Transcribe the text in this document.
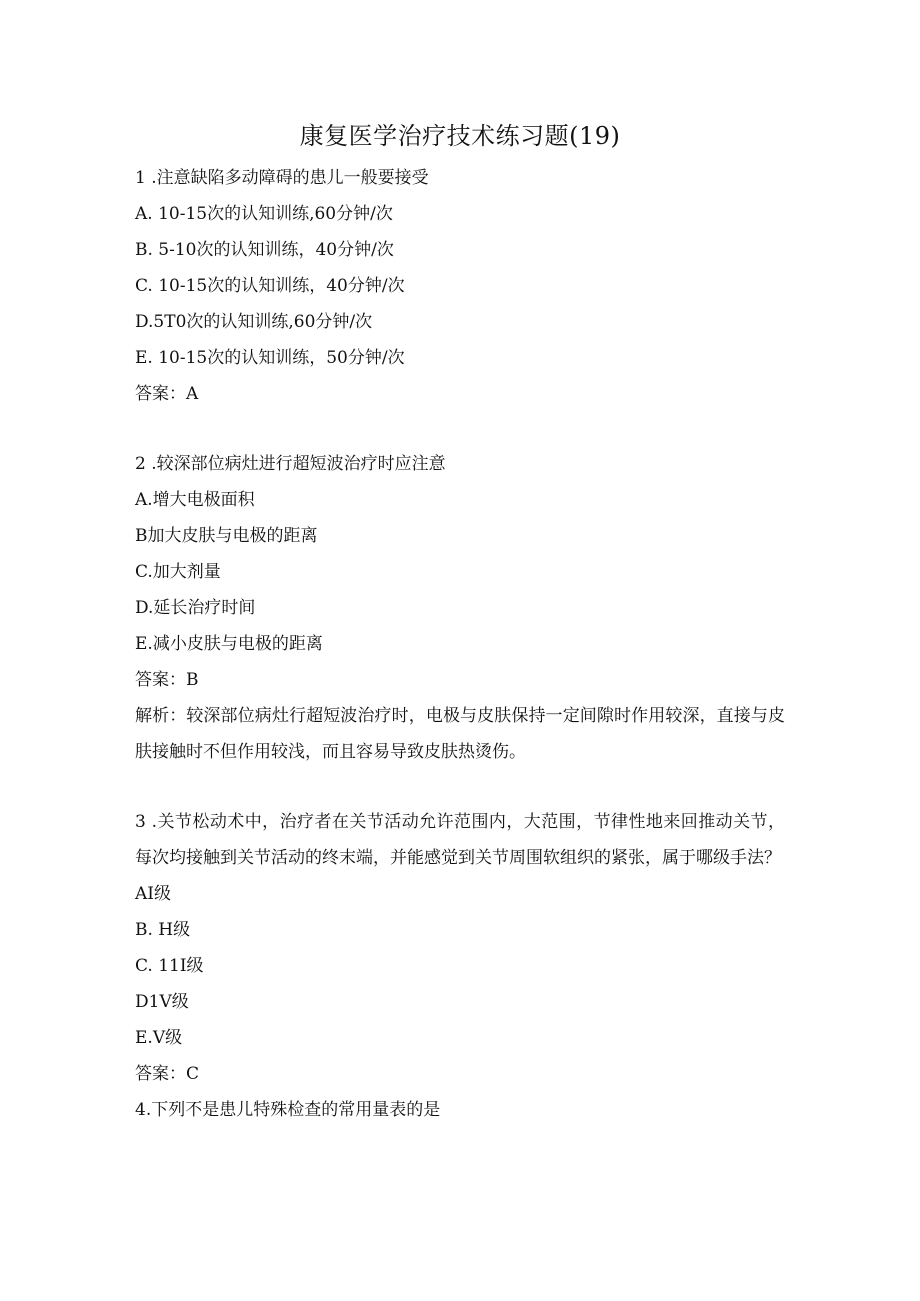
康复医学治疗技术练习题(19)
1 .注意缺陷多动障碍的患儿一般要接受
A. 10-15次的认知训练,60分钟/次
B. 5-10次的认知训练，40分钟/次
C. 10-15次的认知训练，40分钟/次
D.5T0次的认知训练,60分钟/次
E. 10-15次的认知训练，50分钟/次
答案：A
2 .较深部位病灶进行超短波治疗时应注意
A.增大电极面积
B加大皮肤与电极的距离
C.加大剂量
D.延长治疗时间
E.减小皮肤与电极的距离
答案：B
解析：较深部位病灶行超短波治疗时，电极与皮肤保持一定间隙时作用较深，直接与皮肤接触时不但作用较浅，而且容易导致皮肤热烫伤。
3 .关节松动术中，治疗者在关节活动允许范围内，大范围，节律性地来回推动关节，每次均接触到关节活动的终末端，并能感觉到关节周围软组织的紧张，属于哪级手法？
AI级
B. H级
C. 11I级
D1V级
E.V级
答案：C
4.下列不是患儿特殊检查的常用量表的是
